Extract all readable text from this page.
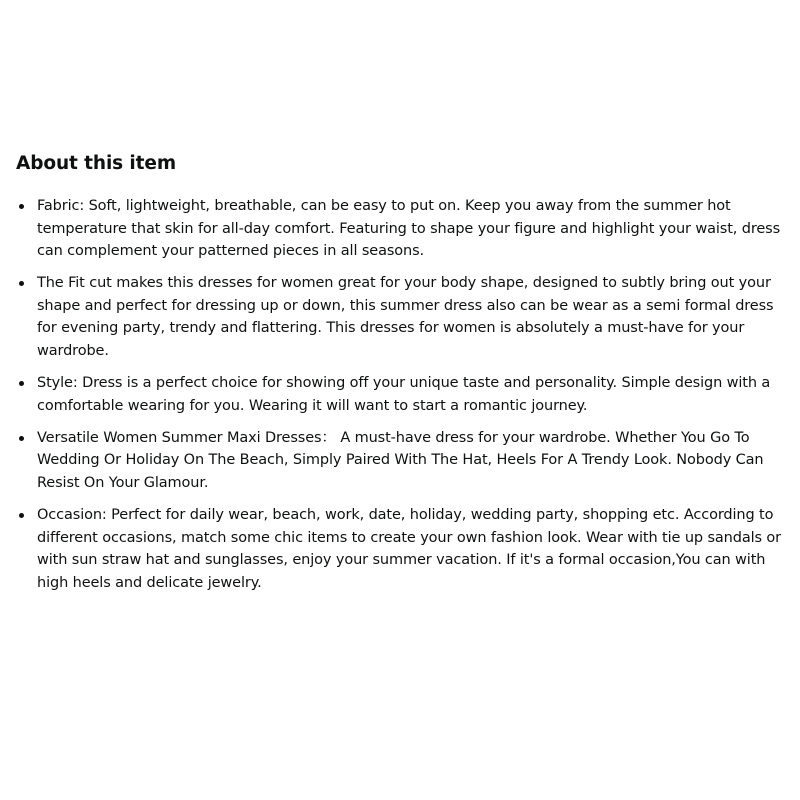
About this item
Fabric: Soft, lightweight, breathable, can be easy to put on. Keep you away from the summer hot temperature that skin for all-day comfort. Featuring to shape your figure and highlight your waist, dress can complement your patterned pieces in all seasons.
The Fit cut makes this dresses for women great for your body shape, designed to subtly bring out your shape and perfect for dressing up or down, this summer dress also can be wear as a semi formal dress for evening party, trendy and flattering. This dresses for women is absolutely a must-have for your wardrobe.
Style: Dress is a perfect choice for showing off your unique taste and personality. Simple design with a comfortable wearing for you. Wearing it will want to start a romantic journey.
Versatile Women Summer Maxi Dresses： A must-have dress for your wardrobe. Whether You Go To Wedding Or Holiday On The Beach, Simply Paired With The Hat, Heels For A Trendy Look. Nobody Can Resist On Your Glamour.
Occasion: Perfect for daily wear, beach, work, date, holiday, wedding party, shopping etc. According to different occasions, match some chic items to create your own fashion look. Wear with tie up sandals or with sun straw hat and sunglasses, enjoy your summer vacation. If it's a formal occasion,You can with high heels and delicate jewelry.
